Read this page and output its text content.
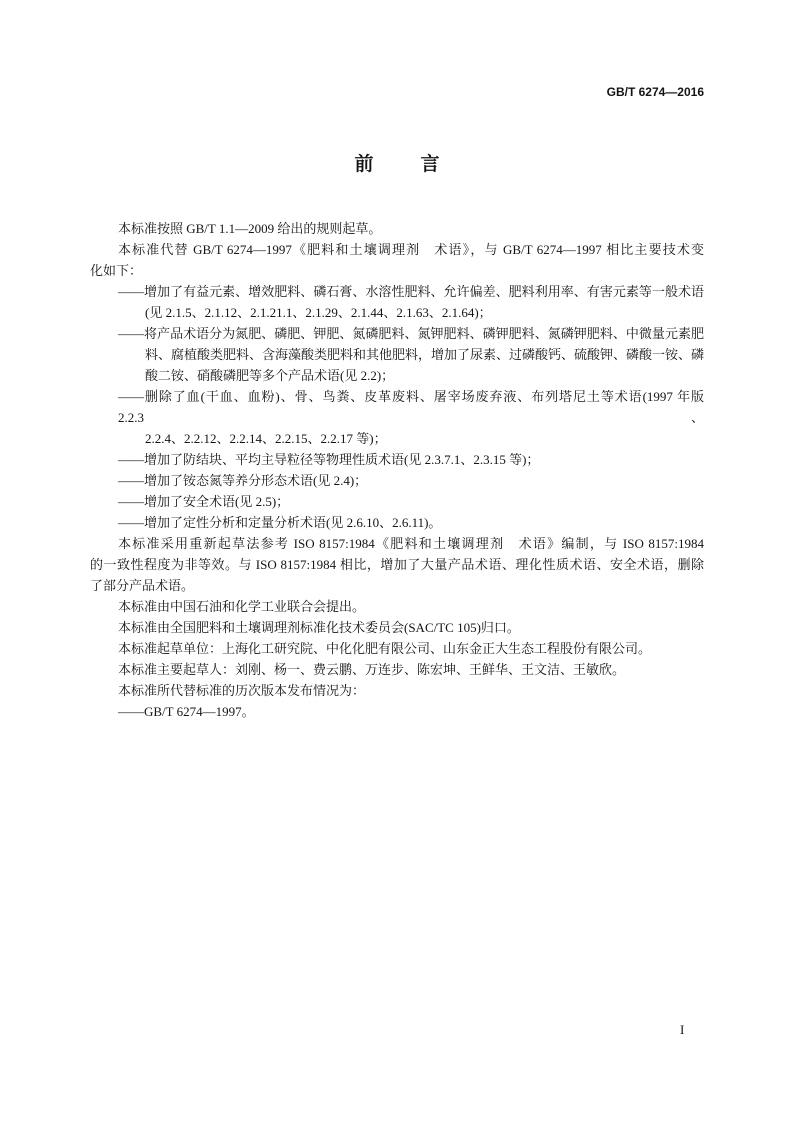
GB/T 6274—2016
前言
本标准按照 GB/T 1.1—2009 给出的规则起草。
本标准代替 GB/T 6274—1997《肥料和土壤调理剂　术语》，与 GB/T 6274—1997 相比主要技术变
化如下：
——增加了有益元素、增效肥料、磷石膏、水溶性肥料、允许偏差、肥料利用率、有害元素等一般术语
(见 2.1.5、2.1.12、2.1.21.1、2.1.29、2.1.44、2.1.63、2.1.64)；
——将产品术语分为氮肥、磷肥、钾肥、氮磷肥料、氮钾肥料、磷钾肥料、氮磷钾肥料、中微量元素肥
料、腐植酸类肥料、含海藻酸类肥料和其他肥料，增加了尿素、过磷酸钙、硫酸钾、磷酸一铵、磷
酸二铵、硝酸磷肥等多个产品术语(见 2.2)；
——删除了血(干血、血粉)、骨、鸟粪、皮革废料、屠宰场废弃液、布列塔尼土等术语(1997 年版 2.2.3、
2.2.4、2.2.12、2.2.14、2.2.15、2.2.17 等)；
——增加了防结块、平均主导粒径等物理性质术语(见 2.3.7.1、2.3.15 等)；
——增加了铵态氮等养分形态术语(见 2.4)；
——增加了安全术语(见 2.5)；
——增加了定性分析和定量分析术语(见 2.6.10、2.6.11)。
本标准采用重新起草法参考 ISO 8157:1984《肥料和土壤调理剂　术语》编制，与 ISO 8157:1984
的一致性程度为非等效。与 ISO 8157:1984 相比，增加了大量产品术语、理化性质术语、安全术语，删除
了部分产品术语。
本标准由中国石油和化学工业联合会提出。
本标准由全国肥料和土壤调理剂标准化技术委员会(SAC/TC 105)归口。
本标准起草单位：上海化工研究院、中化化肥有限公司、山东金正大生态工程股份有限公司。
本标准主要起草人：刘刚、杨一、费云鹏、万连步、陈宏坤、王鲜华、王文洁、王敏欣。
本标准所代替标准的历次版本发布情况为：
——GB/T 6274—1997。
I
